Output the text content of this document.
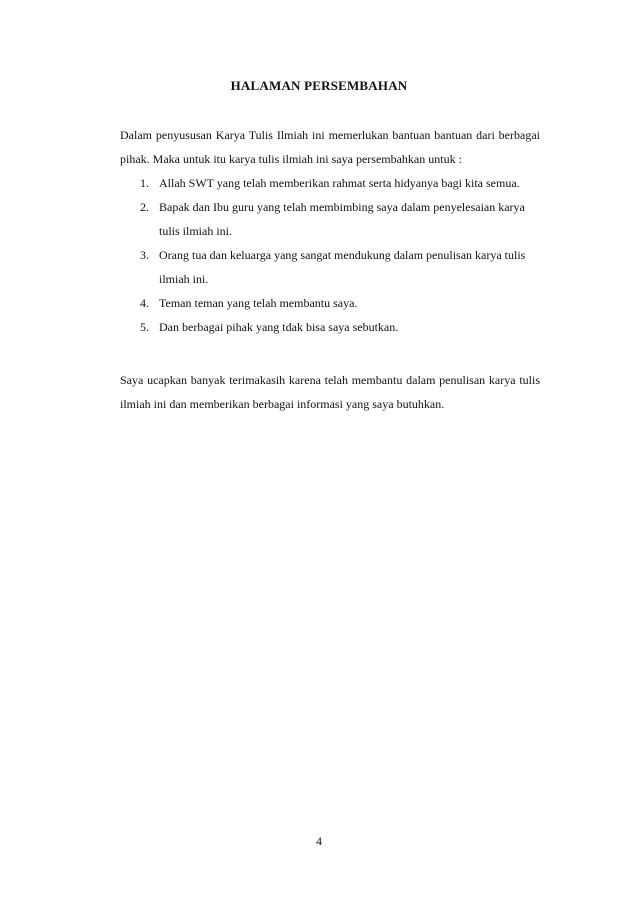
HALAMAN PERSEMBAHAN

Dalam penyususan Karya Tulis Ilmiah ini memerlukan bantuan bantuan dari berbagai pihak. Maka untuk itu karya tulis ilmiah ini saya persembahkan untuk :

1. Allah SWT yang telah memberikan rahmat serta hidyanya bagi kita semua.
2. Bapak dan Ibu guru yang telah membimbing saya dalam penyelesaian karya tulis ilmiah ini.
3. Orang tua dan keluarga yang sangat mendukung dalam penulisan karya tulis ilmiah ini.
4. Teman teman yang telah membantu saya.
5. Dan berbagai pihak yang tdak bisa saya sebutkan.

Saya ucapkan banyak terimakasih karena telah membantu dalam penulisan karya tulis ilmiah ini dan memberikan berbagai informasi yang saya butuhkan.

4
